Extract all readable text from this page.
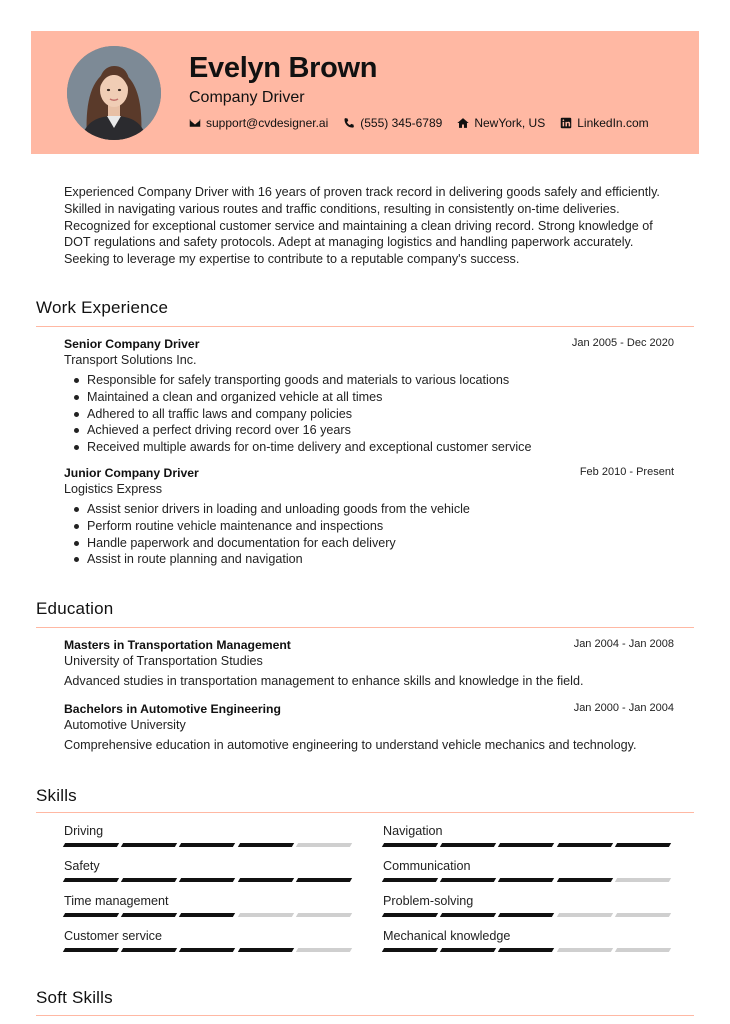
Evelyn Brown
Company Driver
support@cvdesigner.ai	(555) 345-6789	NewYork, US	LinkedIn.com
Experienced Company Driver with 16 years of proven track record in delivering goods safely and efficiently. Skilled in navigating various routes and traffic conditions, resulting in consistently on-time deliveries. Recognized for exceptional customer service and maintaining a clean driving record. Strong knowledge of DOT regulations and safety protocols. Adept at managing logistics and handling paperwork accurately. Seeking to leverage my expertise to contribute to a reputable company's success.
Work Experience
Senior Company Driver
Transport Solutions Inc.
Jan 2005 - Dec 2020
Responsible for safely transporting goods and materials to various locations
Maintained a clean and organized vehicle at all times
Adhered to all traffic laws and company policies
Achieved a perfect driving record over 16 years
Received multiple awards for on-time delivery and exceptional customer service
Junior Company Driver
Logistics Express
Feb 2010 - Present
Assist senior drivers in loading and unloading goods from the vehicle
Perform routine vehicle maintenance and inspections
Handle paperwork and documentation for each delivery
Assist in route planning and navigation
Education
Masters in Transportation Management
University of Transportation Studies
Jan 2004 - Jan 2008
Advanced studies in transportation management to enhance skills and knowledge in the field.
Bachelors in Automotive Engineering
Automotive University
Jan 2000 - Jan 2004
Comprehensive education in automotive engineering to understand vehicle mechanics and technology.
Skills
Driving	Navigation
Safety	Communication
Time management	Problem-solving
Customer service	Mechanical knowledge
Soft Skills
